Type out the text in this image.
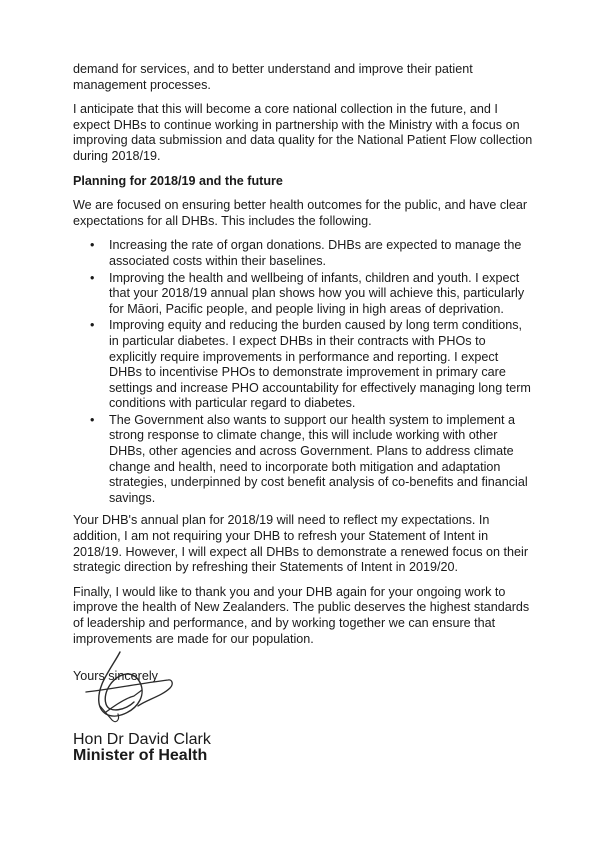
demand for services, and to better understand and improve their patient management processes.

I anticipate that this will become a core national collection in the future, and I expect DHBs to continue working in partnership with the Ministry with a focus on improving data submission and data quality for the National Patient Flow collection during 2018/19.

Planning for 2018/19 and the future

We are focused on ensuring better health outcomes for the public, and have clear expectations for all DHBs. This includes the following.

• Increasing the rate of organ donations. DHBs are expected to manage the associated costs within their baselines.
• Improving the health and wellbeing of infants, children and youth. I expect that your 2018/19 annual plan shows how you will achieve this, particularly for Māori, Pacific people, and people living in high areas of deprivation.
• Improving equity and reducing the burden caused by long term conditions, in particular diabetes. I expect DHBs in their contracts with PHOs to explicitly require improvements in performance and reporting. I expect DHBs to incentivise PHOs to demonstrate improvement in primary care settings and increase PHO accountability for effectively managing long term conditions with particular regard to diabetes.
• The Government also wants to support our health system to implement a strong response to climate change, this will include working with other DHBs, other agencies and across Government. Plans to address climate change and health, need to incorporate both mitigation and adaptation strategies, underpinned by cost benefit analysis of co-benefits and financial savings.

Your DHB's annual plan for 2018/19 will need to reflect my expectations. In addition, I am not requiring your DHB to refresh your Statement of Intent in 2018/19. However, I will expect all DHBs to demonstrate a renewed focus on their strategic direction by refreshing their Statements of Intent in 2019/20.

Finally, I would like to thank you and your DHB again for your ongoing work to improve the health of New Zealanders. The public deserves the highest standards of leadership and performance, and by working together we can ensure that improvements are made for our population.

Yours sincerely

Hon Dr David Clark
Minister of Health
